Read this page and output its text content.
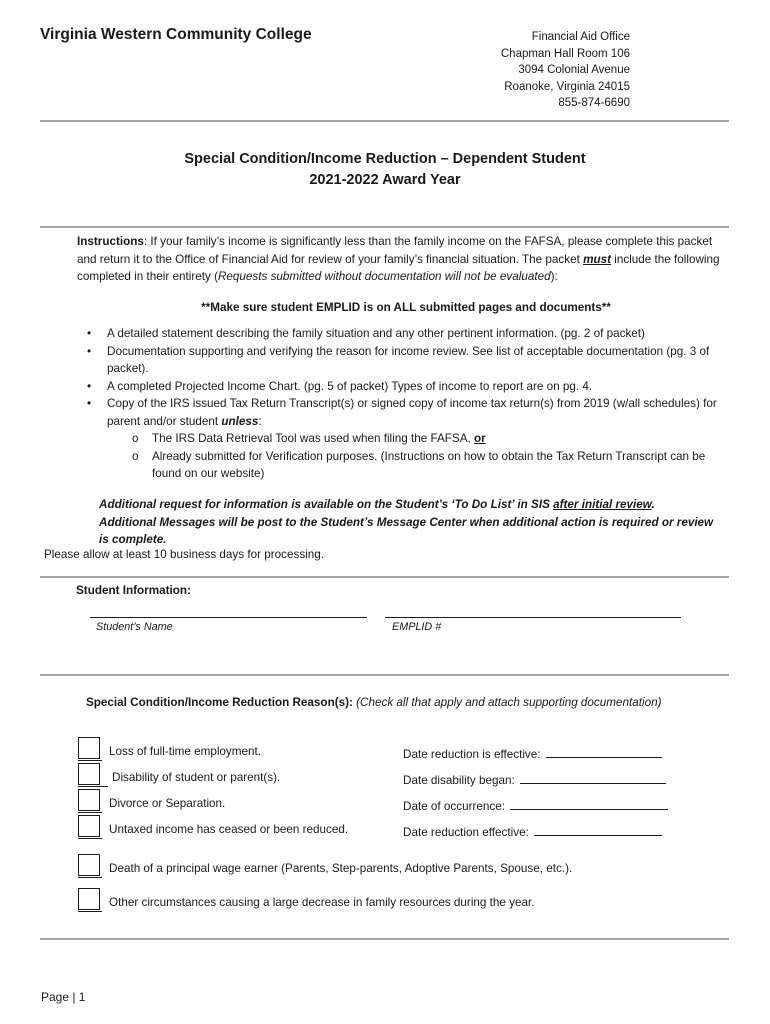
Virginia Western Community College	Financial Aid Office
Chapman Hall Room 106
3094 Colonial Avenue
Roanoke, Virginia 24015
855-874-6690
Special Condition/Income Reduction – Dependent Student
2021-2022 Award Year
Instructions: If your family’s income is significantly less than the family income on the FAFSA, please complete this packet and return it to the Office of Financial Aid for review of your family’s financial situation. The packet must include the following completed in their entirety (Requests submitted without documentation will not be evaluated):
**Make sure student EMPLID is on ALL submitted pages and documents**
• A detailed statement describing the family situation and any other pertinent information. (pg. 2 of packet)
• Documentation supporting and verifying the reason for income review. See list of acceptable documentation (pg. 3 of packet).
• A completed Projected Income Chart. (pg. 5 of packet) Types of income to report are on pg. 4.
• Copy of the IRS issued Tax Return Transcript(s) or signed copy of income tax return(s) from 2019 (w/all schedules) for parent and/or student unless:
o The IRS Data Retrieval Tool was used when filing the FAFSA, or
o Already submitted for Verification purposes. (Instructions on how to obtain the Tax Return Transcript can be found on our website)
Additional request for information is available on the Student’s ‘To Do List’ in SIS after initial review.
Additional Messages will be post to the Student’s Message Center when additional action is required or review is complete.
Please allow at least 10 business days for processing.
Student Information:
Student’s Name	EMPLID #
Special Condition/Income Reduction Reason(s): (Check all that apply and attach supporting documentation)
Loss of full-time employment.	Date reduction is effective:
Disability of student or parent(s).	Date disability began:
Divorce or Separation.	Date of occurrence:
Untaxed income has ceased or been reduced.	Date reduction effective:
Death of a principal wage earner (Parents, Step-parents, Adoptive Parents, Spouse, etc.).
Other circumstances causing a large decrease in family resources during the year.
Page | 1
